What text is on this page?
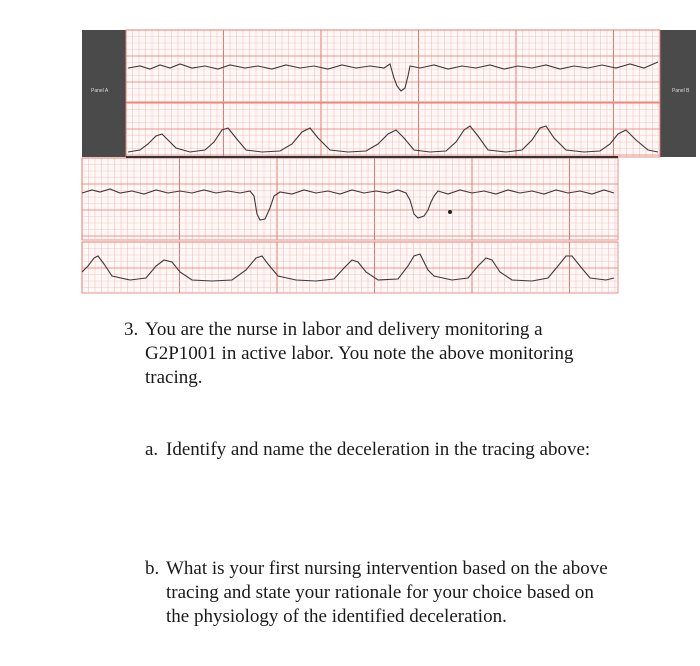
Panel A	Panel B
3. You are the nurse in labor and delivery monitoring a G2P1001 in active labor. You note the above monitoring tracing.
a. Identify and name the deceleration in the tracing above:
b. What is your first nursing intervention based on the above tracing and state your rationale for your choice based on the physiology of the identified deceleration.
